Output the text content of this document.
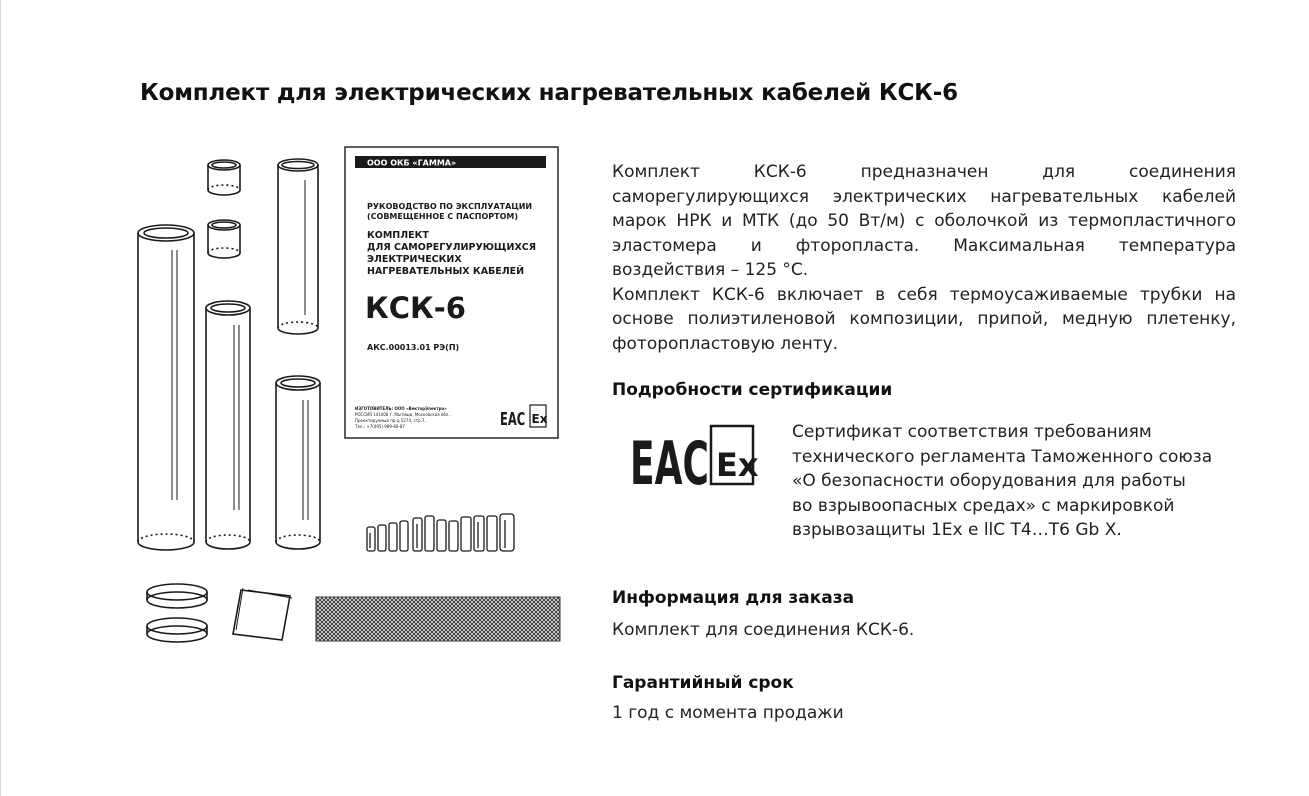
Комплект для электрических нагревательных кабелей КСК-6
ООО ОКБ «ГАММА»
РУКОВОДСТВО ПО ЭКСПЛУАТАЦИИ
(СОВМЕЩЕННОЕ С ПАСПОРТОМ)
КОМПЛЕКТ
ДЛЯ САМОРЕГУЛИРУЮЩИХСЯ
ЭЛЕКТРИЧЕСКИХ
НАГРЕВАТЕЛЬНЫХ КАБЕЛЕЙ
КСК-6
АКС.00013.01 РЭ(П)
ИЗГОТОВИТЕЛЬ: ООО «ВекторЭлектро»
РОССИЯ 141008 г. Мытищи, Московская обл.,
Проектируемый пр-д 5274, стр.7,
Тел.: +7(495) 989-66-87	ЕАС Ex

Комплект КСК-6 предназначен для соединения саморегулирующихся электрических нагревательных кабелей марок НРК и МТК (до 50 Вт/м) с оболочкой из термопластичного эластомера и фторопласта. Максимальная температура воздействия – 125 °С.

Комплект КСК-6 включает в себя термоусаживаемые трубки на основе полиэтиленовой композиции, припой, медную плетенку, фоторопластовую ленту.

Подробности сертификации
ЕАС Ex
Сертификат соответствия требованиям
технического регламента Таможенного союза
«О безопасности оборудования для работы
во взрывоопасных средах» с маркировкой
взрывозащиты 1Ex e llC T4…T6 Gb X.
Информация для заказа

Комплект для соединения КСК-6.

Гарантийный срок

1 год с момента продажи
